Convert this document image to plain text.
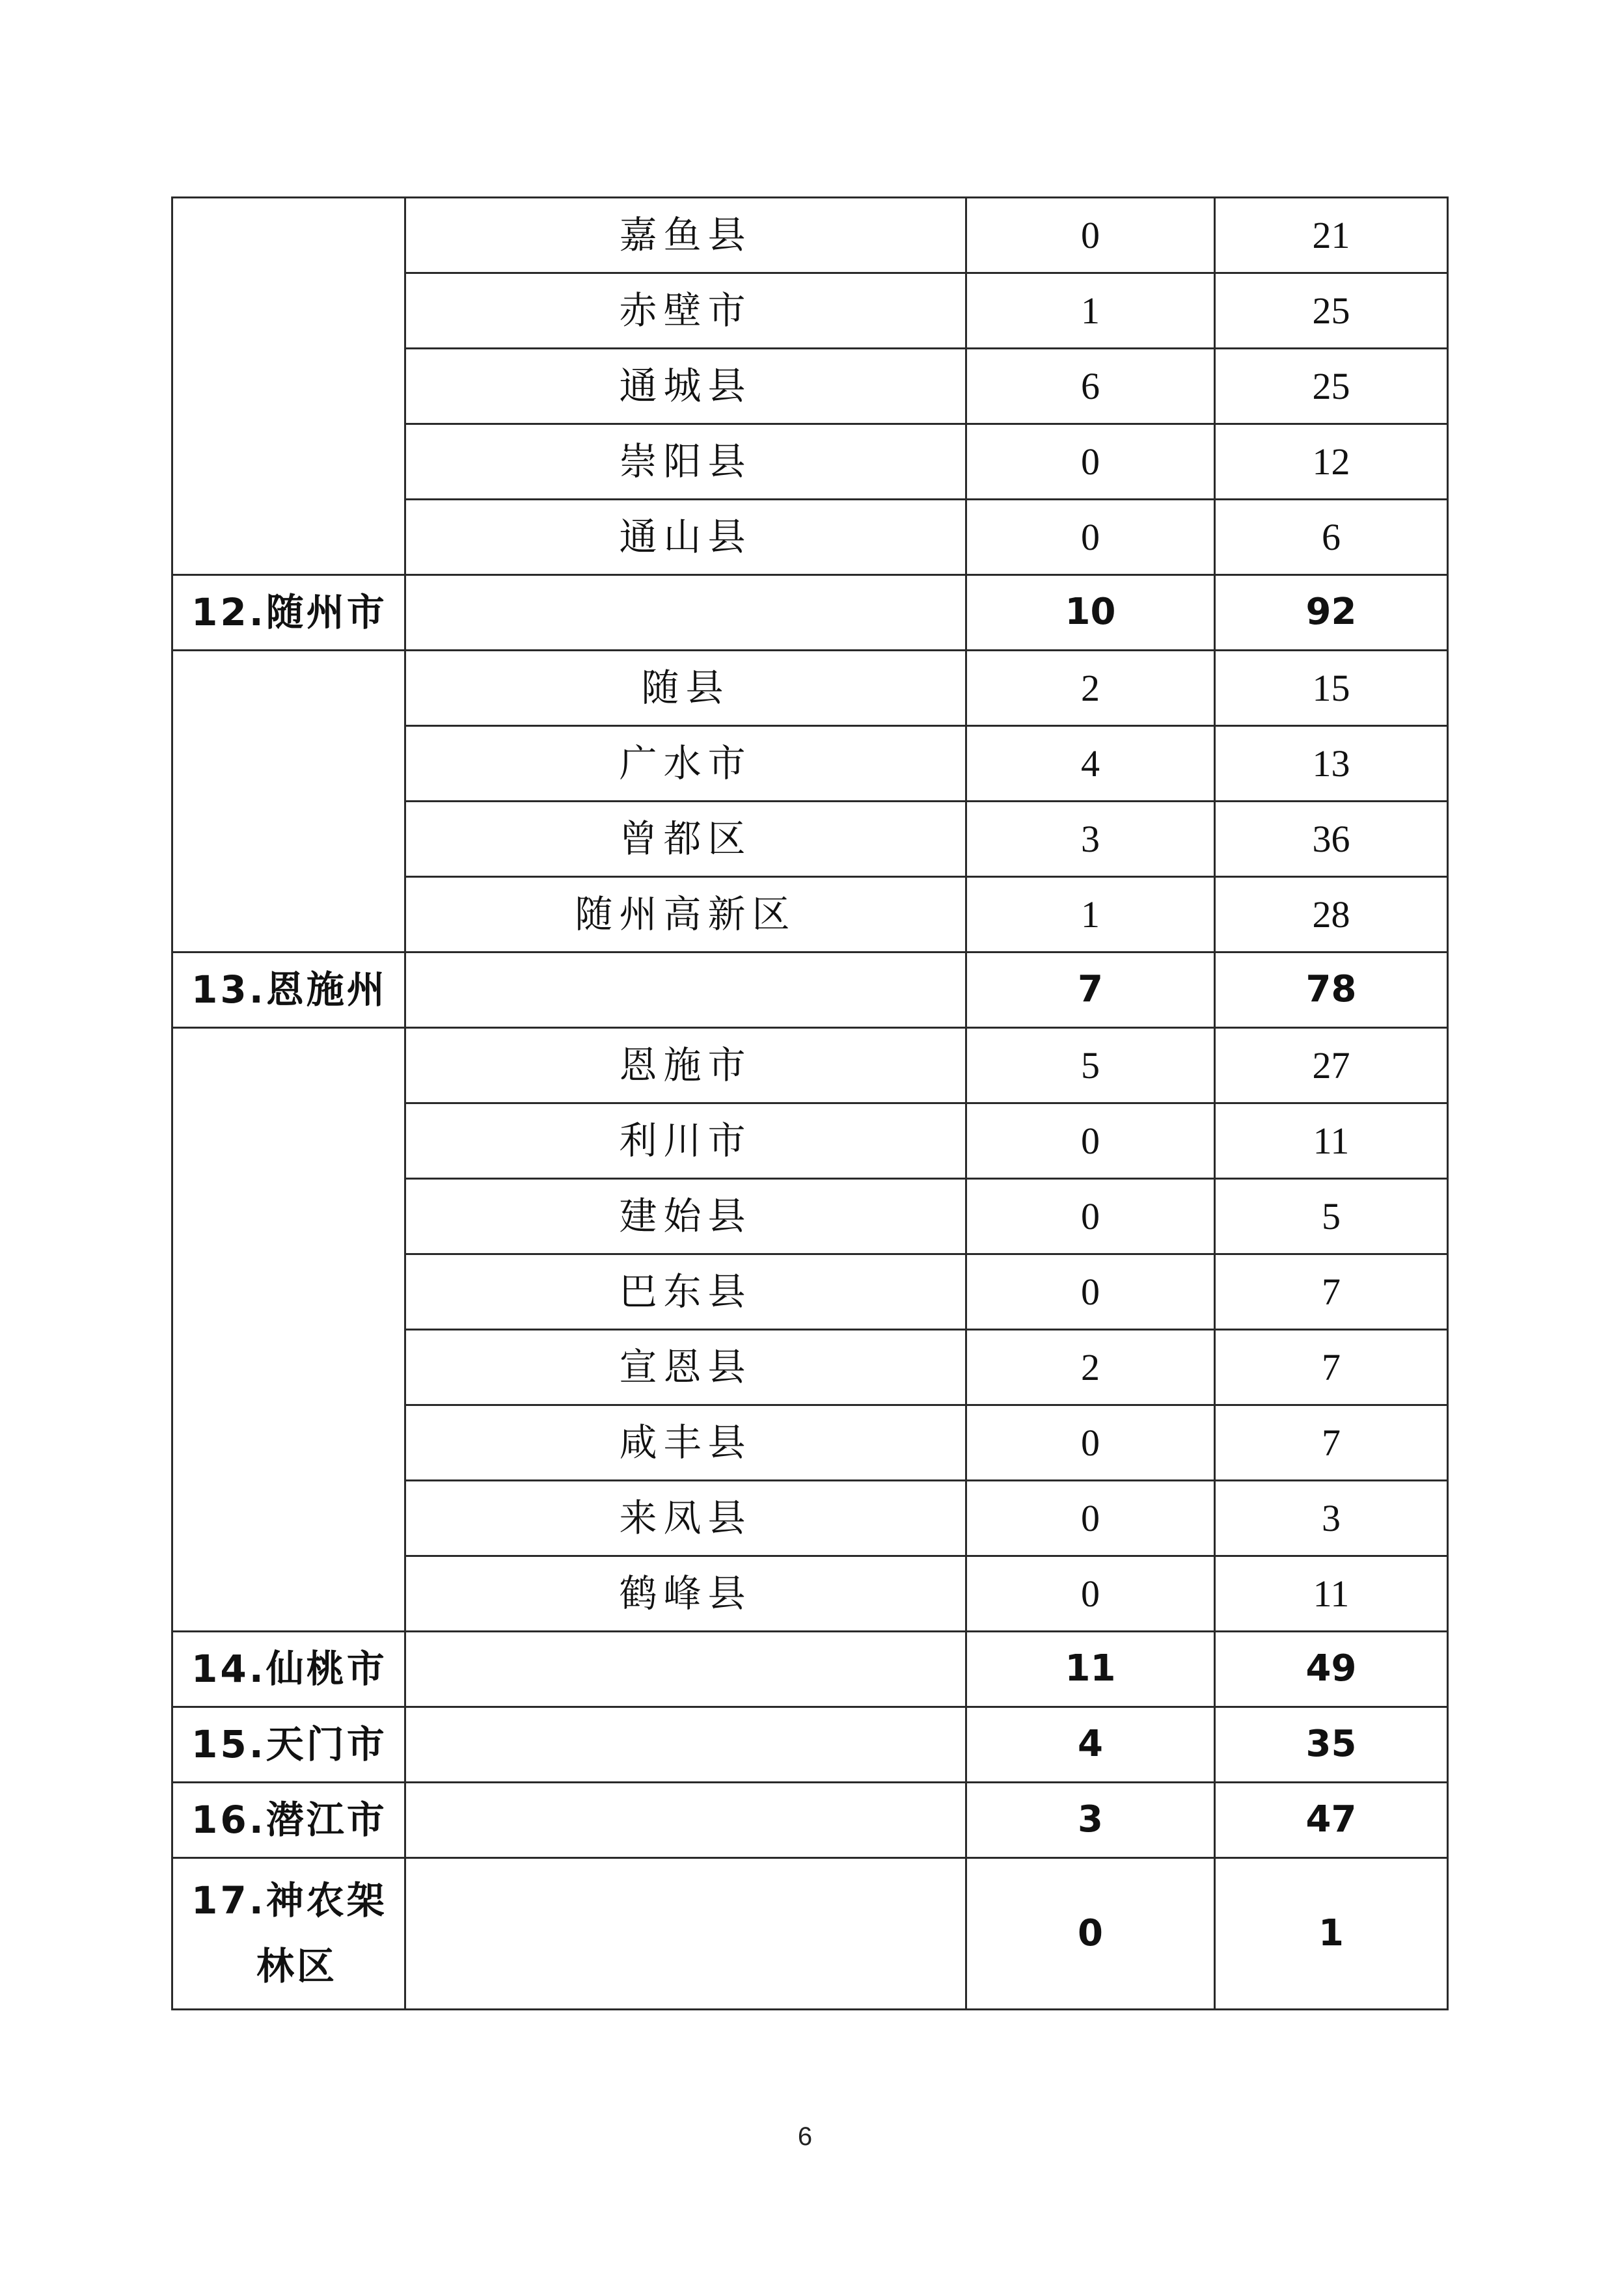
	嘉鱼县	0	21
	赤壁市	1	25
	通城县	6	25
	崇阳县	0	12
	通山县	0	6
12.随州市		10	92
	随县	2	15
	广水市	4	13
	曾都区	3	36
	随州高新区	1	28
13.恩施州		7	78
	恩施市	5	27
	利川市	0	11
	建始县	0	5
	巴东县	0	7
	宣恩县	2	7
	咸丰县	0	7
	来凤县	0	3
	鹤峰县	0	11
14.仙桃市		11	49
15.天门市		4	35
16.潜江市		3	47
17.神农架
林区		0	1
6
